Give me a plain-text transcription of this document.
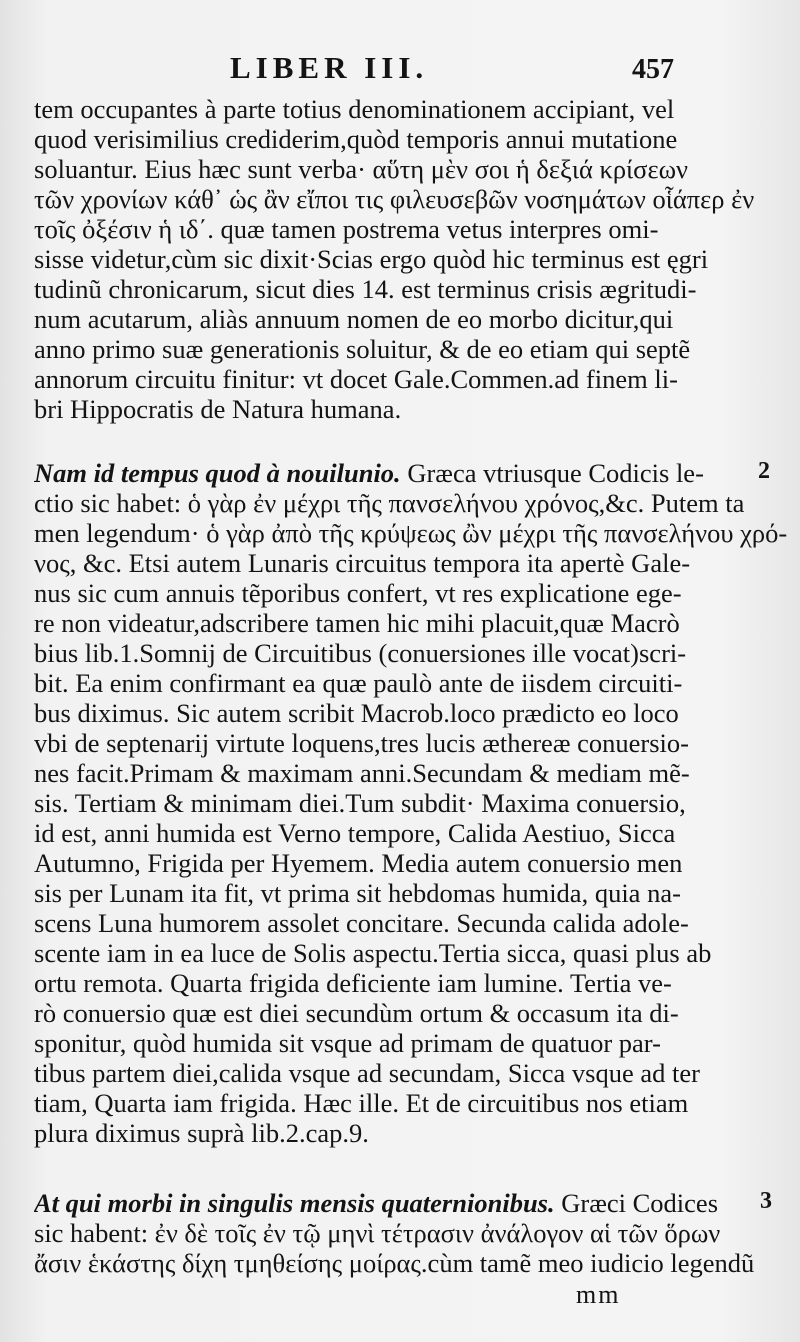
LIBER III.	457
tem occupantes à parte totius denominationem accipiant, vel
quod verisimilius crediderim,quòd temporis annui mutatione
soluantur. Eius hæc sunt verba· αὕτη μὲν σοι ἡ δεξιά κρίσεων
τῶν χρονίων κάθ᾽ ὡς ἂν εἴποι τις φιλευσεβῶν νοσημάτων οἷάπερ ἐν
τοῖς ὀξέσιν ἡ ιδ΄. quæ tamen postrema vetus interpres omi-
sisse videtur,cùm sic dixit·Scias ergo quòd hic terminus est ęgri
tudinũ chronicarum, sicut dies 14. est terminus crisis ægritudi-
num acutarum, aliàs annuum nomen de eo morbo dicitur,qui
anno primo suæ generationis soluitur, & de eo etiam qui septẽ
annorum circuitu finitur: vt docet Gale.Commen.ad finem li-
bri Hippocratis de Natura humana.
2
Nam id tempus quod à nouilunio. Græca vtriusque Codicis le-
ctio sic habet: ὁ γὰρ ἐν μέχρι τῆς πανσελήνου χρόνος,&c. Putem ta
men legendum· ὁ γὰρ ἀπὸ τῆς κρύψεως ὢν μέχρι τῆς πανσελήνου χρό-
νος, &c. Etsi autem Lunaris circuitus tempora ita apertè Gale-
nus sic cum annuis tẽporibus confert, vt res explicatione ege-
re non videatur,adscribere tamen hic mihi placuit,quæ Macrò
bius lib.1.Somnij de Circuitibus (conuersiones ille vocat)scri-
bit. Ea enim confirmant ea quæ paulò ante de iisdem circuiti-
bus diximus. Sic autem scribit Macrob.loco prædicto eo loco
vbi de septenarij virtute loquens,tres lucis æthereæ conuersio-
nes facit.Primam & maximam anni.Secundam & mediam mẽ-
sis. Tertiam & minimam diei.Tum subdit· Maxima conuersio,
id est, anni humida est Verno tempore, Calida Aestiuo, Sicca
Autumno, Frigida per Hyemem. Media autem conuersio men
sis per Lunam ita fit, vt prima sit hebdomas humida, quia na-
scens Luna humorem assolet concitare. Secunda calida adole-
scente iam in ea luce de Solis aspectu.Tertia sicca, quasi plus ab
ortu remota. Quarta frigida deficiente iam lumine. Tertia ve-
rò conuersio quæ est diei secundùm ortum & occasum ita di-
sponitur, quòd humida sit vsque ad primam de quatuor par-
tibus partem diei,calida vsque ad secundam, Sicca vsque ad ter
tiam, Quarta iam frigida. Hæc ille. Et de circuitibus nos etiam
plura diximus suprà lib.2.cap.9.
3
At qui morbi in singulis mensis quaternionibus. Græci Codices
sic habent: ἐν δὲ τοῖς ἐν τῷ μηνὶ τέτρασιν ἀνάλογον αἱ τῶν ὅρων
ἄσιν ἑκάστης δίχη τμηθείσης μοίρας.cùm tamẽ meo iudicio legendũ
mm
